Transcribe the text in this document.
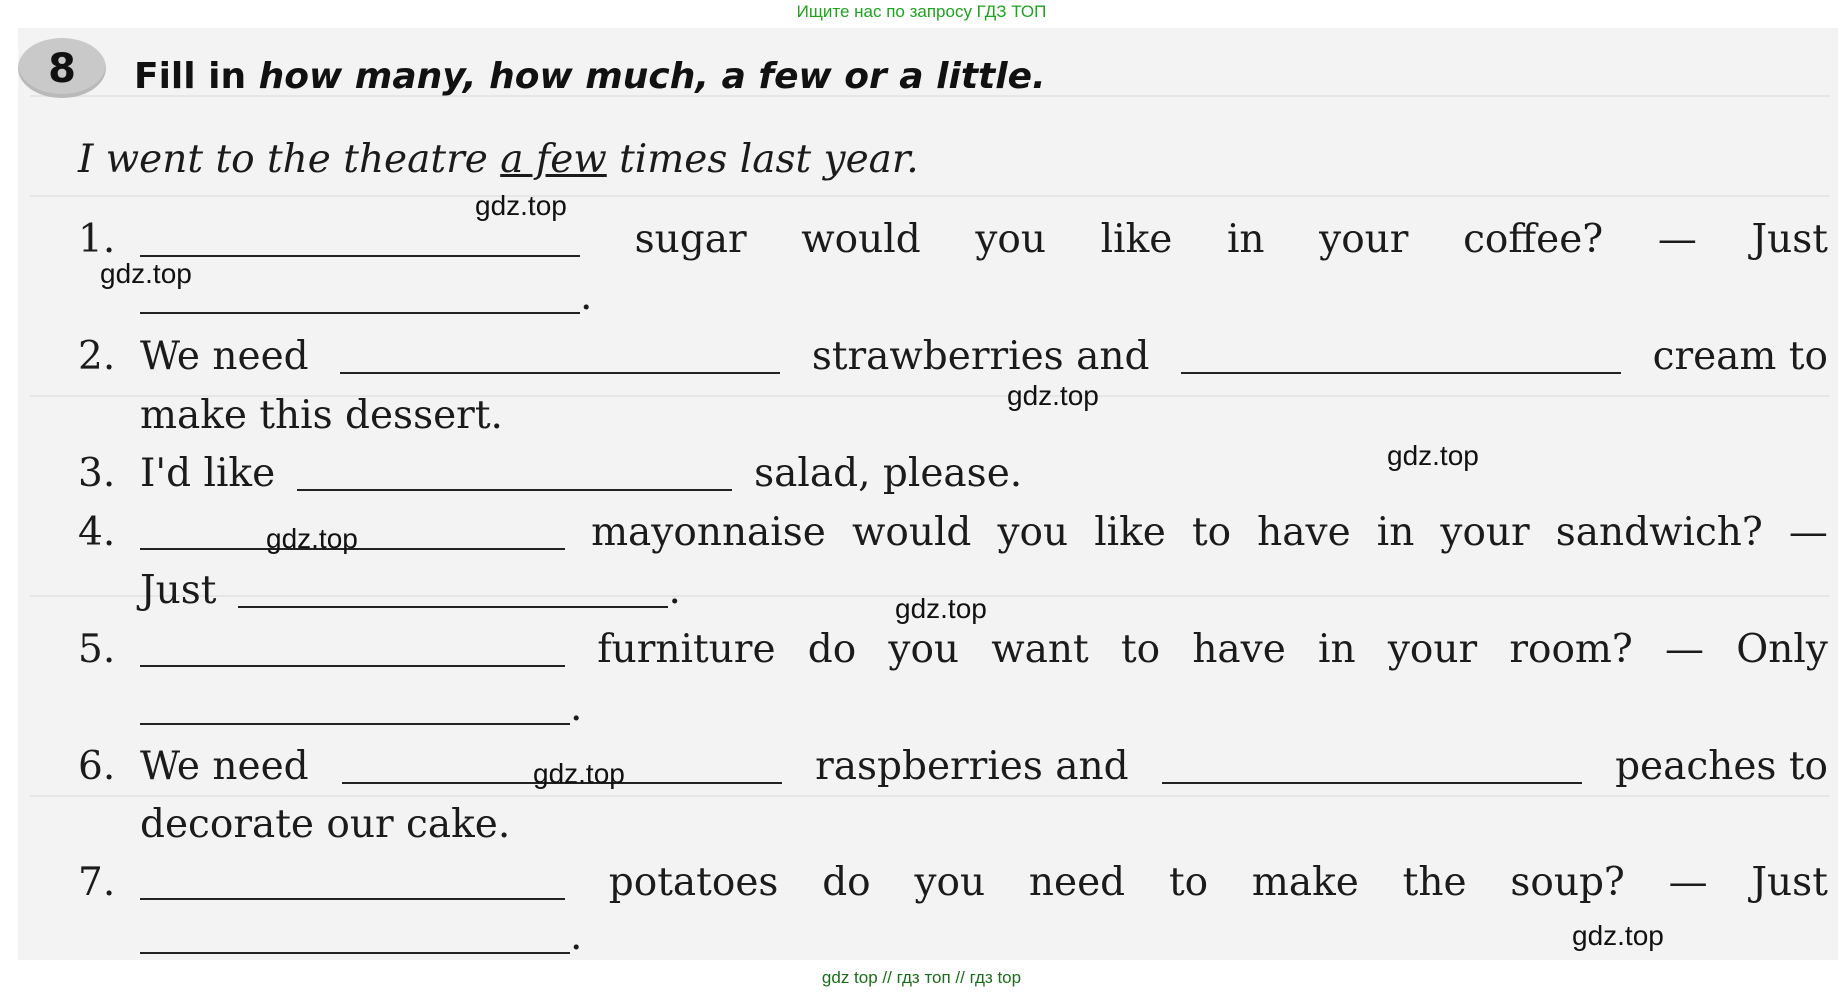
Ищите нас по запросу ГДЗ ТОП
8	Fill in how many, how much, a few or a little.
I went to the theatre a few times last year.
1.	sugar would you like in your coffee? — Just
.
2. We need	strawberries and	cream to
make this dessert.
3. I'd like	salad, please.
4.	mayonnaise would you like to have in your sandwich? —
Just	.
5.	furniture do you want to have in your room? — Only
.
6. We need	raspberries and	peaches to
decorate our cake.
7.	potatoes do you need to make the soup? — Just
.
gdz.top
gdz.top
gdz.top
gdz.top
gdz.top
gdz.top
gdz.top
gdz.top
gdz top // гдз топ // гдз top
